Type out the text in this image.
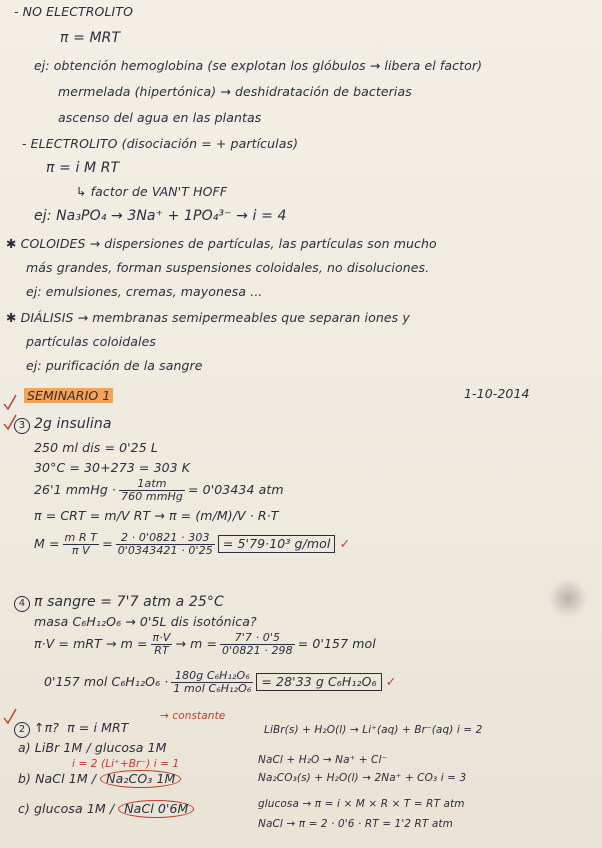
- NO ELECTROLITO
π = MRT
ej: obtención hemoglobina (se explotan los glóbulos → libera el factor)
mermelada (hipertónica) → deshidratación de bacterias
ascenso del agua en las plantas
- ELECTROLITO (disociación = + partículas)
π = i M RT
↳ factor de VAN'T HOFF
ej: Na₃PO₄ → 3Na⁺ + 1PO₄³⁻ → i = 4
✱ COLOIDES → dispersiones de partículas, las partículas son mucho
más grandes, forman suspensiones coloidales, no disoluciones.
ej: emulsiones, cremas, mayonesa ...
✱ DIÁLISIS → membranas semipermeables que separan iones y
partículas coloidales
ej: purificación de la sangre
SEMINARIO 1	1-10-2014
3 2g insulina
250 ml dis = 0'25 L
30°C = 30+273 = 303 K
26'1 mmHg · $\frac{\text{1atm}}{\text{760 mmHg}} = 0'03434$ atm
π = CRT = m/V RT → π = (m/M)/V · R·T
$M = \frac{\text{m R T}}{\text{π V}} = \frac{2 \cdot 0'0821 \cdot 303}{0'0343421 \cdot 0'25} = 5'79\cdot 10^3$ g/mol ✓
4 π sangre = 7'7 atm a 25°C
masa C₆H₁₂O₆ → 0'5L dis isotónica?
π·V = mRT → $m = \frac{\pi\cdot V}{RT} \to m = \frac{7'7 \cdot 0'5}{0'0821 \cdot 298} = 0'157$ mol
0'157 mol $C_6H_{12}O_6 \cdot \frac{\text{180g C₆H₁₂O₆}}{\text{1 mol C₆H₁₂O₆}} = 28'33$ g C₆H₁₂O₆ ✓
2 ↑π? π = i MRT
→ constante
a) LiBr 1M / glucosa 1M
i = 2 (Li⁺+Br⁻) i = 1
b) NaCl 1M / Na₂CO₃ 1M
c) glucosa 1M / NaCl 0'6M
LiBr(s) + H₂O(l) → Li⁺(aq) + Br⁻(aq) i = 2
NaCl + H₂O → Na⁺ + Cl⁻
Na₂CO₃(s) + H₂O(l) → 2Na⁺ + CO₃ i = 3
glucosa → π = i × M × R × T = RT atm
NaCl → π = 2 · 0'6 · RT = 1'2 RT atm
